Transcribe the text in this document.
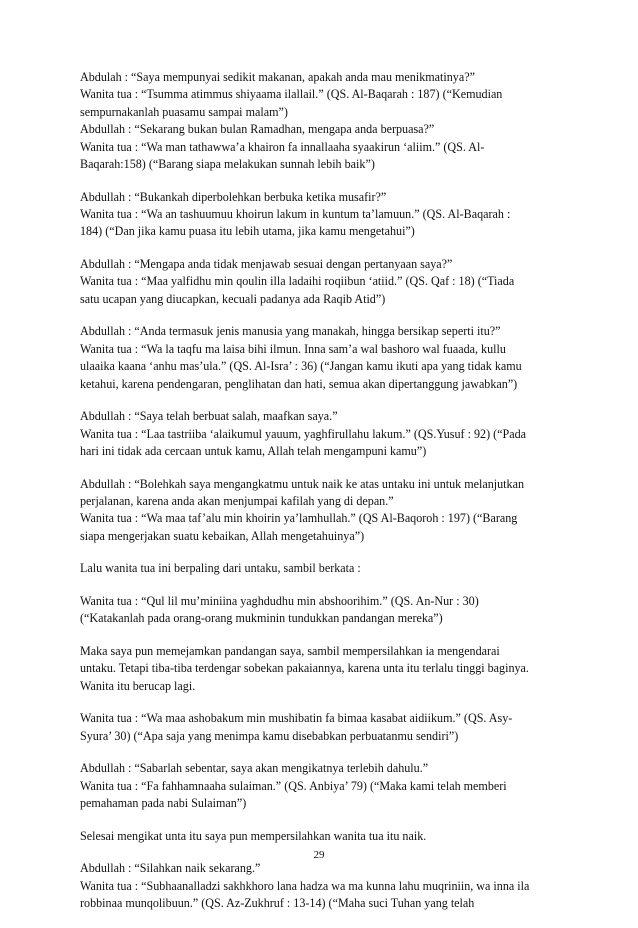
Abdulah : “Saya mempunyai sedikit makanan, apakah anda mau menikmatinya?”
Wanita tua : “Tsumma atimmus shiyaama ilallail.” (QS. Al-Baqarah : 187) (“Kemudian
sempurnakanlah puasamu sampai malam”)
Abdullah : “Sekarang bukan bulan Ramadhan, mengapa anda berpuasa?”
Wanita tua : “Wa man tathawwa’a khairon fa innallaaha syaakirun ‘aliim.” (QS. Al-
Baqarah:158) (“Barang siapa melakukan sunnah lebih baik”)
Abdullah : “Bukankah diperbolehkan berbuka ketika musafir?”
Wanita tua : “Wa an tashuumuu khoirun lakum in kuntum ta’lamuun.” (QS. Al-Baqarah :
184) (“Dan jika kamu puasa itu lebih utama, jika kamu mengetahui”)
Abdullah : “Mengapa anda tidak menjawab sesuai dengan pertanyaan saya?”
Wanita tua : “Maa yalfidhu min qoulin illa ladaihi roqiibun ‘atiid.” (QS. Qaf : 18) (“Tiada
satu ucapan yang diucapkan, kecuali padanya ada Raqib Atid”)
Abdullah : “Anda termasuk jenis manusia yang manakah, hingga bersikap seperti itu?”
Wanita tua : “Wa la taqfu ma laisa bihi ilmun. Inna sam’a wal bashoro wal fuaada, kullu
ulaaika kaana ‘anhu mas’ula.” (QS. Al-Isra’ : 36) (“Jangan kamu ikuti apa yang tidak kamu
ketahui, karena pendengaran, penglihatan dan hati, semua akan dipertanggung jawabkan”)
Abdullah : “Saya telah berbuat salah, maafkan saya.”
Wanita tua : “Laa tastriiba ‘alaikumul yauum, yaghfirullahu lakum.” (QS.Yusuf : 92) (“Pada
hari ini tidak ada cercaan untuk kamu, Allah telah mengampuni kamu”)
Abdullah : “Bolehkah saya mengangkatmu untuk naik ke atas untaku ini untuk melanjutkan
perjalanan, karena anda akan menjumpai kafilah yang di depan.”
Wanita tua : “Wa maa taf’alu min khoirin ya’lamhullah.” (QS Al-Baqoroh : 197) (“Barang
siapa mengerjakan suatu kebaikan, Allah mengetahuinya”)
Lalu wanita tua ini berpaling dari untaku, sambil berkata :
Wanita tua : “Qul lil mu’miniina yaghdudhu min abshoorihim.” (QS. An-Nur : 30)
(“Katakanlah pada orang-orang mukminin tundukkan pandangan mereka”)
Maka saya pun memejamkan pandangan saya, sambil mempersilahkan ia mengendarai
untaku. Tetapi tiba-tiba terdengar sobekan pakaiannya, karena unta itu terlalu tinggi baginya.
Wanita itu berucap lagi.
Wanita tua : “Wa maa ashobakum min mushibatin fa bimaa kasabat aidiikum.” (QS. Asy-
Syura’ 30) (“Apa saja yang menimpa kamu disebabkan perbuatanmu sendiri”)
Abdullah : “Sabarlah sebentar, saya akan mengikatnya terlebih dahulu.”
Wanita tua : “Fa fahhamnaaha sulaiman.” (QS. Anbiya’ 79) (“Maka kami telah memberi
pemahaman pada nabi Sulaiman”)
Selesai mengikat unta itu saya pun mempersilahkan wanita tua itu naik.
Abdullah : “Silahkan naik sekarang.”
Wanita tua : “Subhaanalladzi sakhkhoro lana hadza wa ma kunna lahu muqriniin, wa inna ila
robbinaa munqolibuun.” (QS. Az-Zukhruf : 13-14) (“Maha suci Tuhan yang telah
29
